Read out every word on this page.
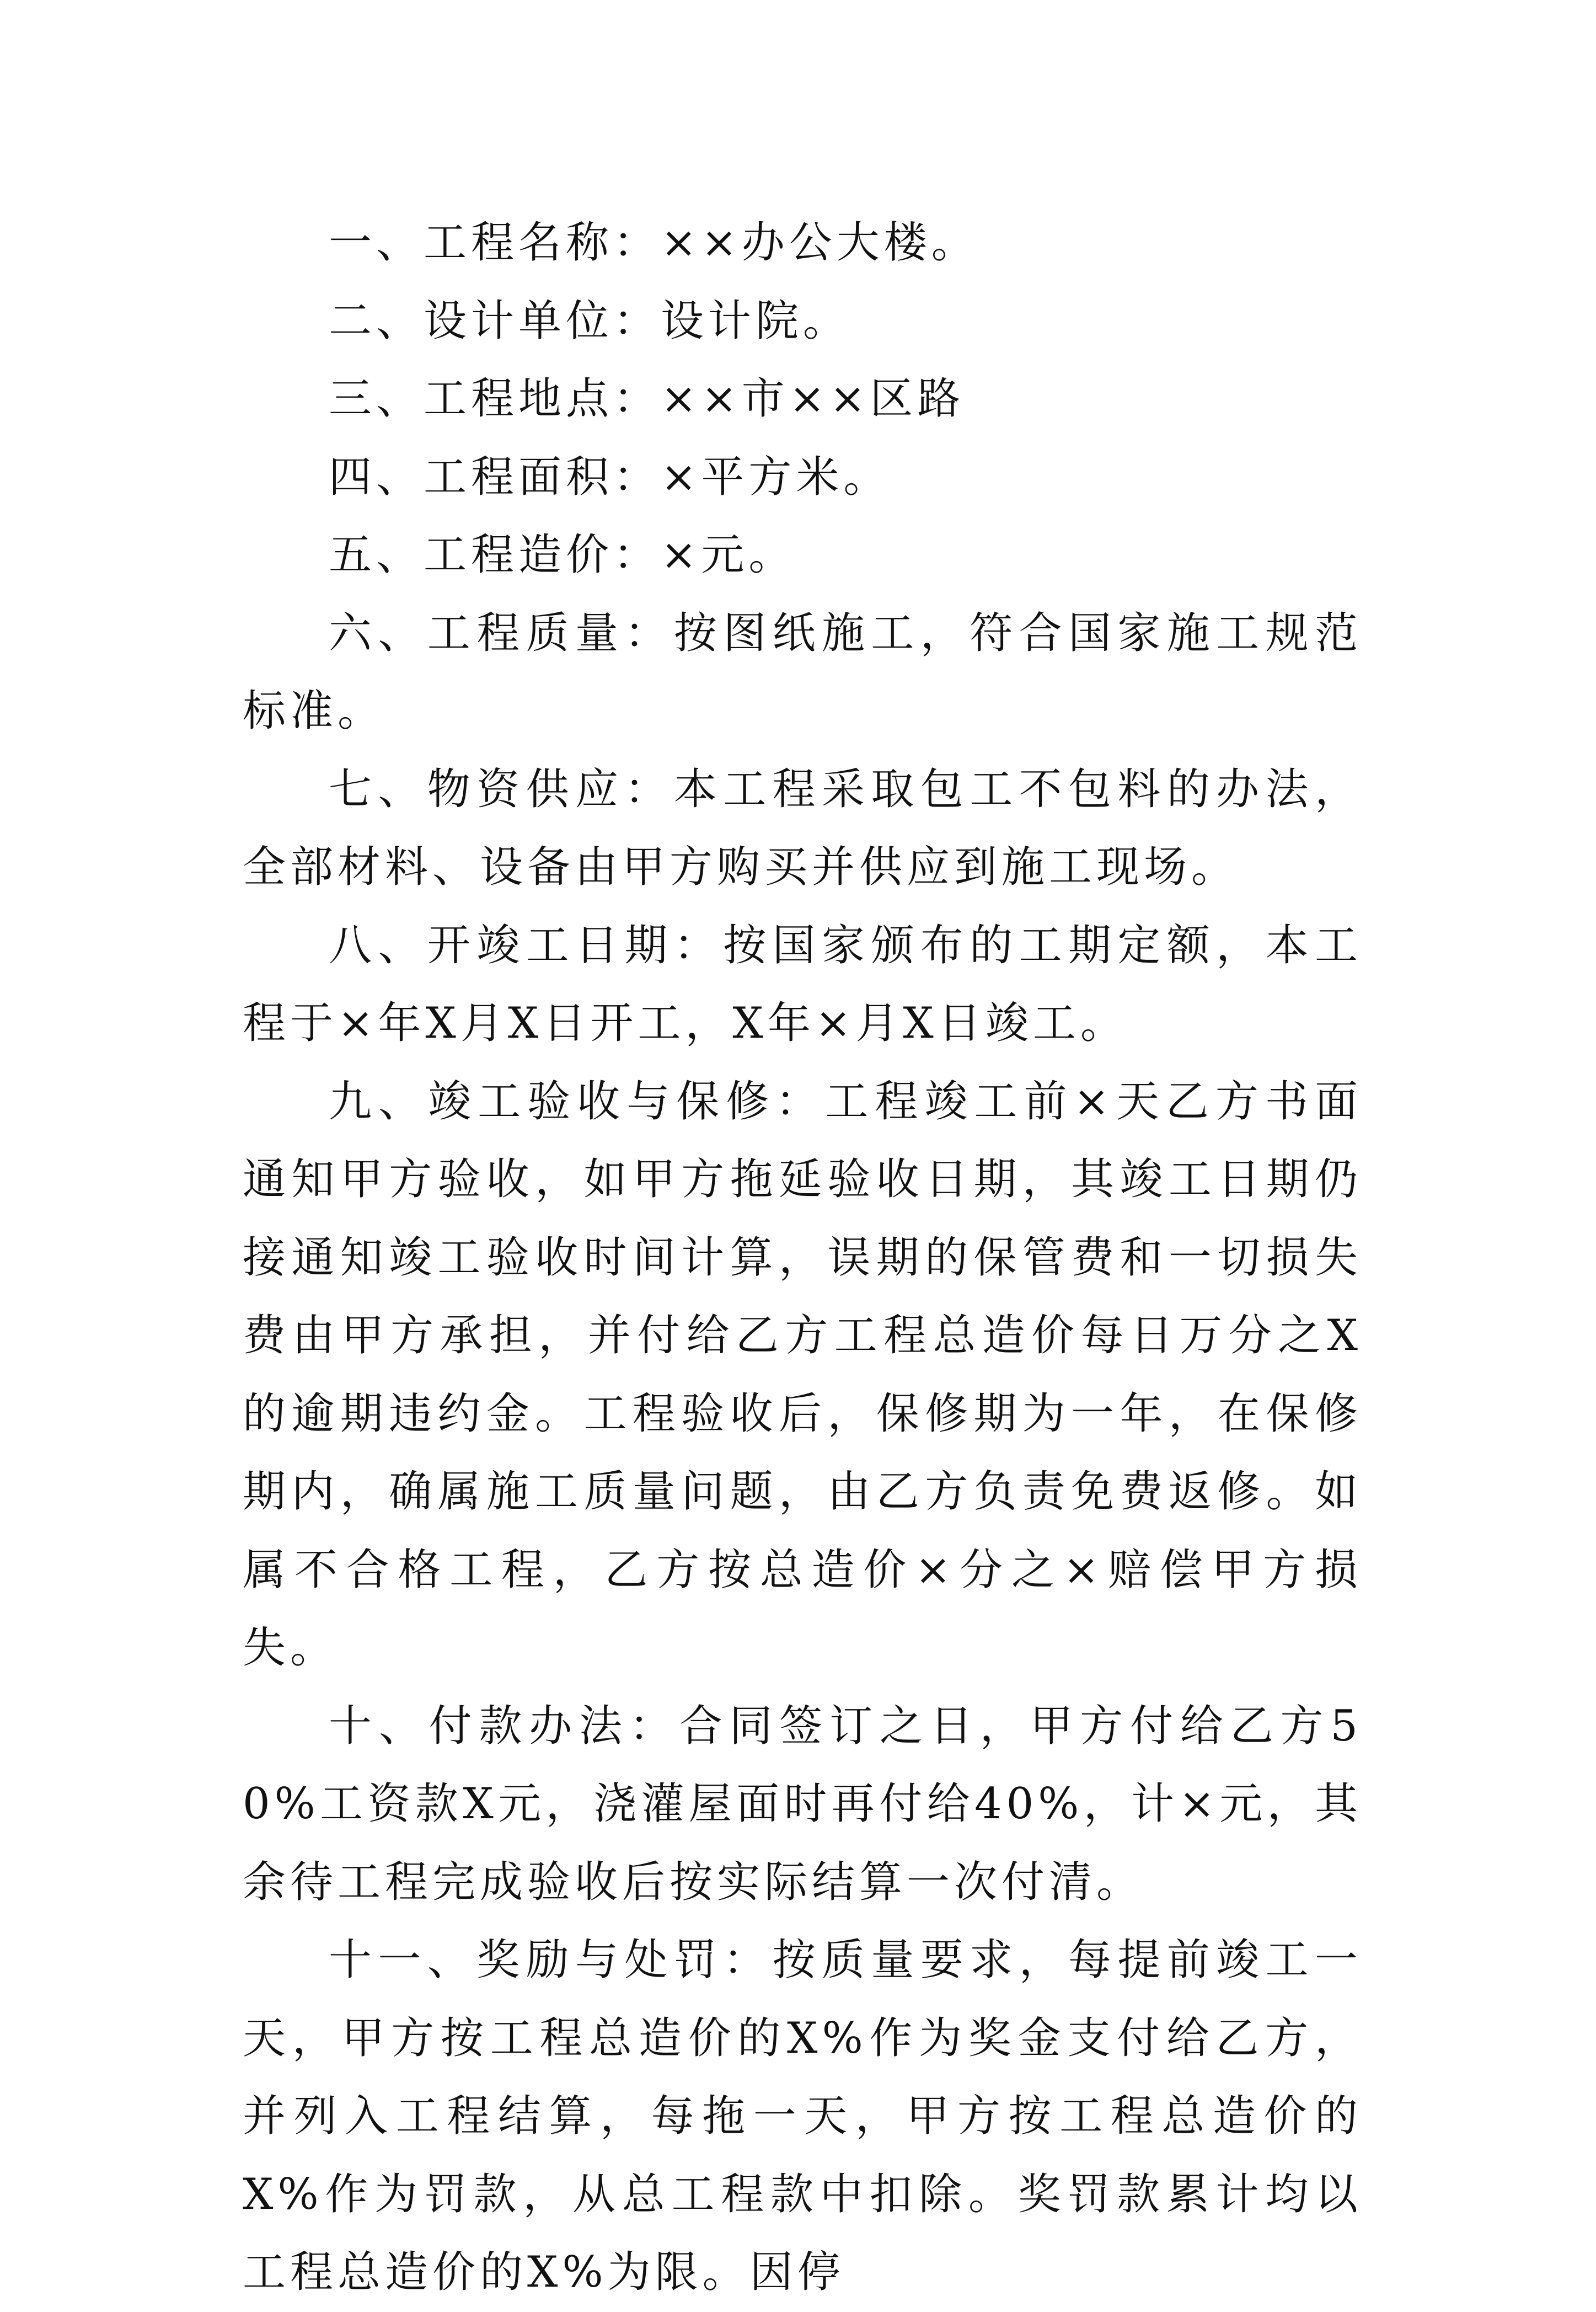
一、工程名称：××办公大楼。

二、设计单位：设计院。

三、工程地点：××市××区路

四、工程面积：×平方米。

五、工程造价：×元。

六、工程质量：按图纸施工，符合国家施工规范标准。

七、物资供应：本工程采取包工不包料的办法，全部材料、设备由甲方购买并供应到施工现场。

八、开竣工日期：按国家颁布的工期定额，本工程于×年X月X日开工，X年×月X日竣工。

九、竣工验收与保修：工程竣工前×天乙方书面通知甲方验收，如甲方拖延验收日期，其竣工日期仍接通知竣工验收时间计算，误期的保管费和一切损失费由甲方承担，并付给乙方工程总造价每日万分之X的逾期违约金。工程验收后，保修期为一年，在保修期内，确属施工质量问题，由乙方负责免费返修。如属不合格工程，乙方按总造价×分之×赔偿甲方损失。

十、付款办法：合同签订之日，甲方付给乙方50%工资款X元，浇灌屋面时再付给40%，计×元，其余待工程完成验收后按实际结算一次付清。

十一、奖励与处罚：按质量要求，每提前竣工一天，甲方按工程总造价的X%作为奖金支付给乙方，并列入工程结算，每拖一天，甲方按工程总造价的X%作为罚款，从总工程款中扣除。奖罚款累计均以工程总造价的X%为限。因停
